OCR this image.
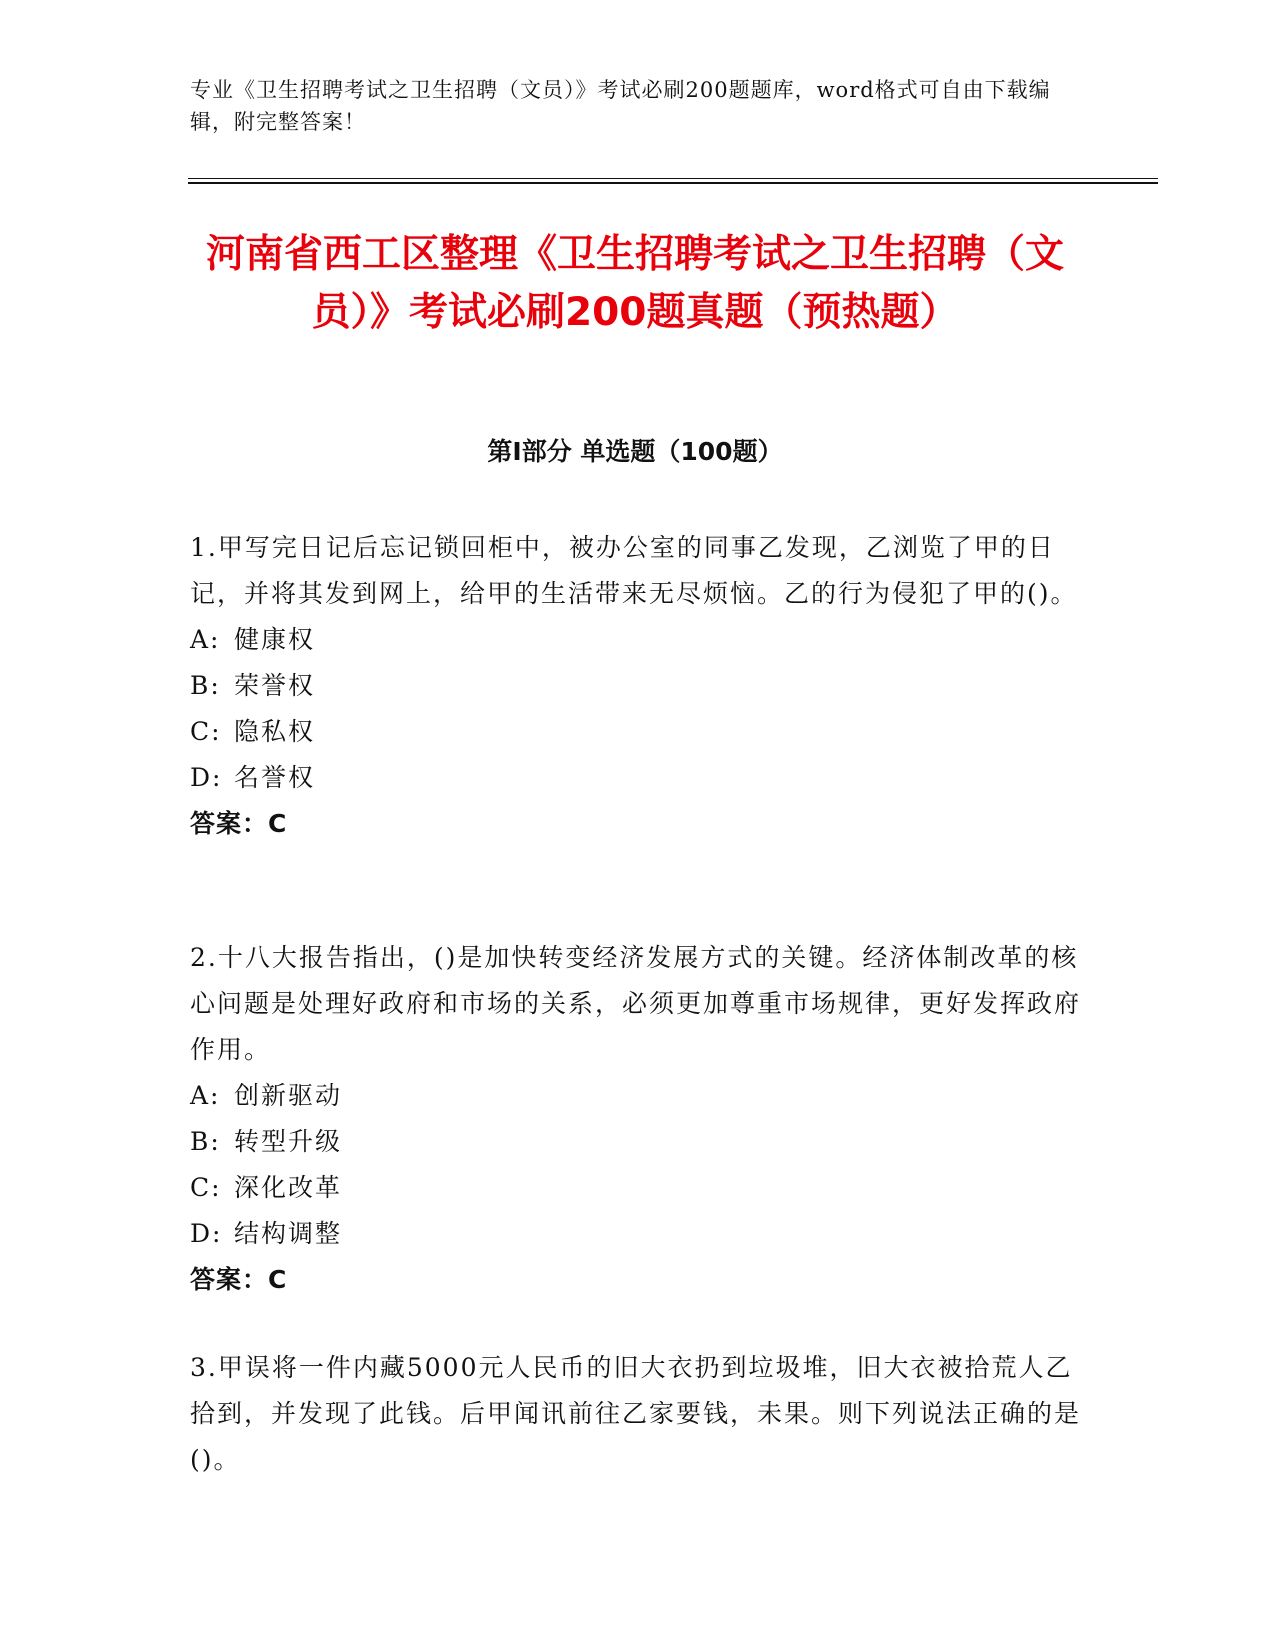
专业《卫生招聘考试之卫生招聘（文员）》考试必刷200题题库，word格式可自由下载编辑，附完整答案！
河南省西工区整理《卫生招聘考试之卫生招聘（文员）》考试必刷200题真题（预热题）
第I部分 单选题（100题）

1.甲写完日记后忘记锁回柜中，被办公室的同事乙发现，乙浏览了甲的日记，并将其发到网上，给甲的生活带来无尽烦恼。乙的行为侵犯了甲的()。

A: 健康权

B: 荣誉权

C: 隐私权

D: 名誉权

答案：C

2.十八大报告指出，()是加快转变经济发展方式的关键。经济体制改革的核心问题是处理好政府和市场的关系，必须更加尊重市场规律，更好发挥政府作用。

A: 创新驱动

B: 转型升级

C: 深化改革

D: 结构调整

答案：C

3.甲误将一件内藏5000元人民币的旧大衣扔到垃圾堆，旧大衣被拾荒人乙拾到，并发现了此钱。后甲闻讯前往乙家要钱，未果。则下列说法正确的是()。
